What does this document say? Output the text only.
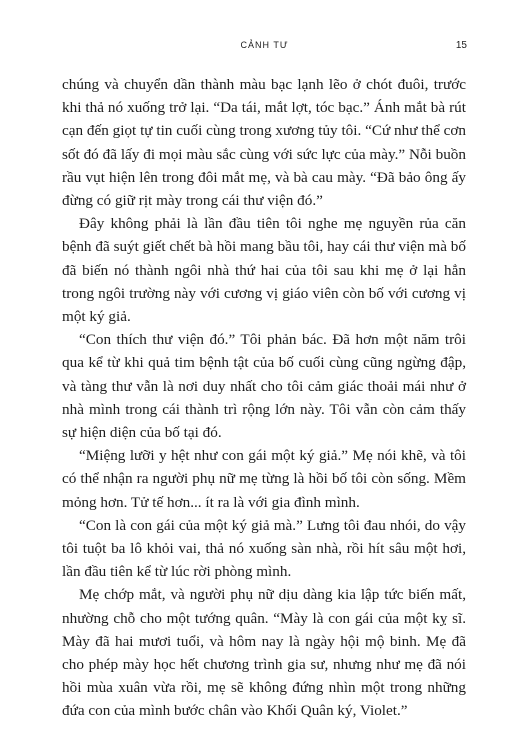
CẢNH TƯ	15

chúng và chuyển dần thành màu bạc lạnh lẽo ở chót đuôi, trước khi thả nó xuống trở lại. “Da tái, mắt lợt, tóc bạc.” Ánh mắt bà rút cạn đến giọt tự tin cuối cùng trong xương tủy tôi. “Cứ như thể cơn sốt đó đã lấy đi mọi màu sắc cùng với sức lực của mày.” Nỗi buồn rầu vụt hiện lên trong đôi mắt mẹ, và bà cau mày. “Đã bảo ông ấy đừng có giữ rịt mày trong cái thư viện đó.”

Đây không phải là lần đầu tiên tôi nghe mẹ nguyền rủa căn bệnh đã suýt giết chết bà hồi mang bầu tôi, hay cái thư viện mà bố đã biến nó thành ngôi nhà thứ hai của tôi sau khi mẹ ở lại hẳn trong ngôi trường này với cương vị giáo viên còn bố với cương vị một ký giả.

“Con thích thư viện đó.” Tôi phản bác. Đã hơn một năm trôi qua kể từ khi quả tim bệnh tật của bố cuối cùng cũng ngừng đập, và tàng thư vẫn là nơi duy nhất cho tôi cảm giác thoải mái như ở nhà mình trong cái thành trì rộng lớn này. Tôi vẫn còn cảm thấy sự hiện diện của bố tại đó.

“Miệng lưỡi y hệt như con gái một ký giả.” Mẹ nói khẽ, và tôi có thể nhận ra người phụ nữ mẹ từng là hồi bố tôi còn sống. Mềm mỏng hơn. Tử tế hơn... ít ra là với gia đình mình.

“Con là con gái của một ký giả mà.” Lưng tôi đau nhói, do vậy tôi tuột ba lô khỏi vai, thả nó xuống sàn nhà, rồi hít sâu một hơi, lần đầu tiên kể từ lúc rời phòng mình.

Mẹ chớp mắt, và người phụ nữ dịu dàng kia lập tức biến mất, nhường chỗ cho một tướng quân. “Mày là con gái của một kỵ sĩ. Mày đã hai mươi tuổi, và hôm nay là ngày hội mộ binh. Mẹ đã cho phép mày học hết chương trình gia sư, nhưng như mẹ đã nói hồi mùa xuân vừa rồi, mẹ sẽ không đứng nhìn một trong những đứa con của mình bước chân vào Khối Quân ký, Violet.”
